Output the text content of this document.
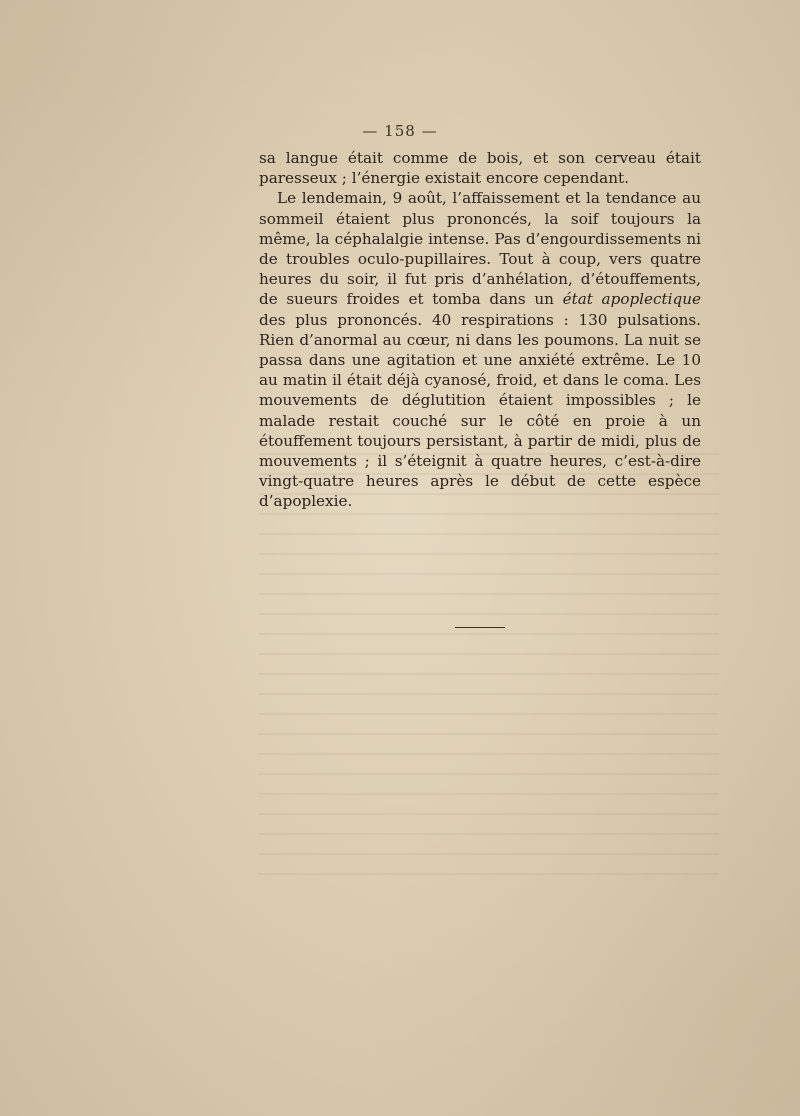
— 158 —

sa langue était comme de bois, et son cerveau était paresseux ; l’énergie existait encore cependant.

Le lendemain, 9 août, l’affaissement et la tendance au sommeil étaient plus prononcés, la soif toujours la même, la céphalalgie intense. Pas d’engourdissements ni de troubles oculo-pupillaires. Tout à coup, vers quatre heures du soir, il fut pris d’anhélation, d’étouffements, de sueurs froides et tomba dans un état apoplectique des plus prononcés. 40 respirations : 130 pulsations. Rien d’anormal au cœur, ni dans les poumons. La nuit se passa dans une agitation et une anxiété extrême. Le 10 au matin il était déjà cyanosé, froid, et dans le coma. Les mouvements de déglutition étaient impossibles ; le malade restait couché sur le côté en proie à un étouffement toujours persistant, à partir de midi, plus de mouvements ; il s’éteignit à quatre heures, c’est-à-dire vingt-quatre heures après le début de cette espèce d’apoplexie.
